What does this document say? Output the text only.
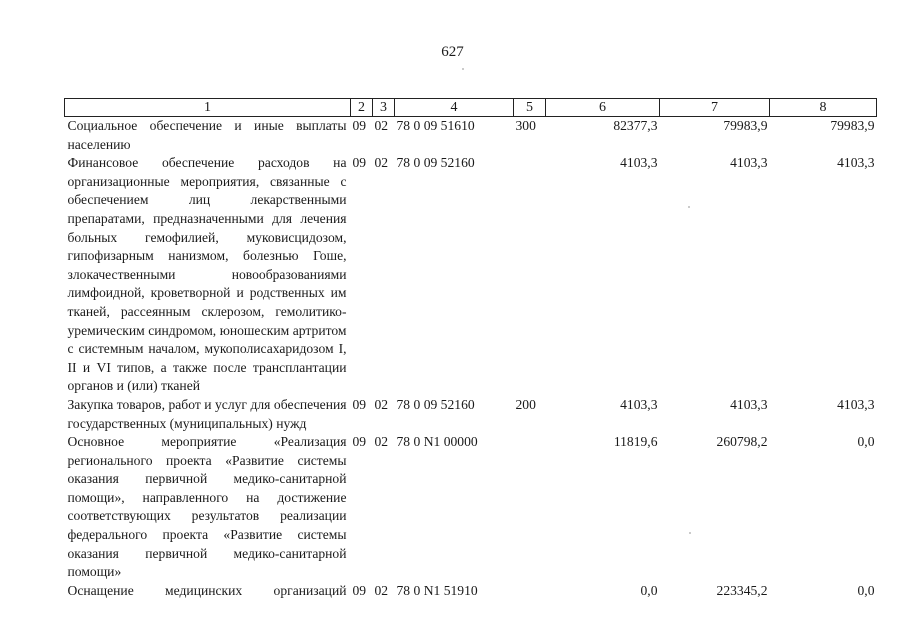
627
1	2	3	4	5	6	7	8
Социальное обеспечение и иные выплаты населению	09	02	78 0 09 51610	300	82377,3	79983,9	79983,9
Финансовое обеспечение расходов на организационные мероприятия, связанные с обеспечением лиц лекарственными препаратами, предназначенными для лечения больных гемофилией, муковисцидозом, гипофизарным нанизмом, болезнью Гоше, злокачественными новообразованиями лимфоидной, кроветворной и родственных им тканей, рассеянным склерозом, гемолитико-уремическим синдромом, юношеским артритом с системным началом, мукополисахаридозом I, II и VI типов, а также после трансплантации органов и (или) тканей	09	02	78 0 09 52160		4103,3	4103,3	4103,3
Закупка товаров, работ и услуг для обеспечения государственных (муниципальных) нужд	09	02	78 0 09 52160	200	4103,3	4103,3	4103,3
Основное мероприятие «Реализация регионального проекта «Развитие системы оказания первичной медико-санитарной помощи», направленного на достижение соответствующих результатов реализации федерального проекта «Развитие системы оказания первичной медико-санитарной помощи»	09	02	78 0 N1 00000		11819,6	260798,2	0,0
Оснащение медицинских организаций	09	02	78 0 N1 51910		0,0	223345,2	0,0
